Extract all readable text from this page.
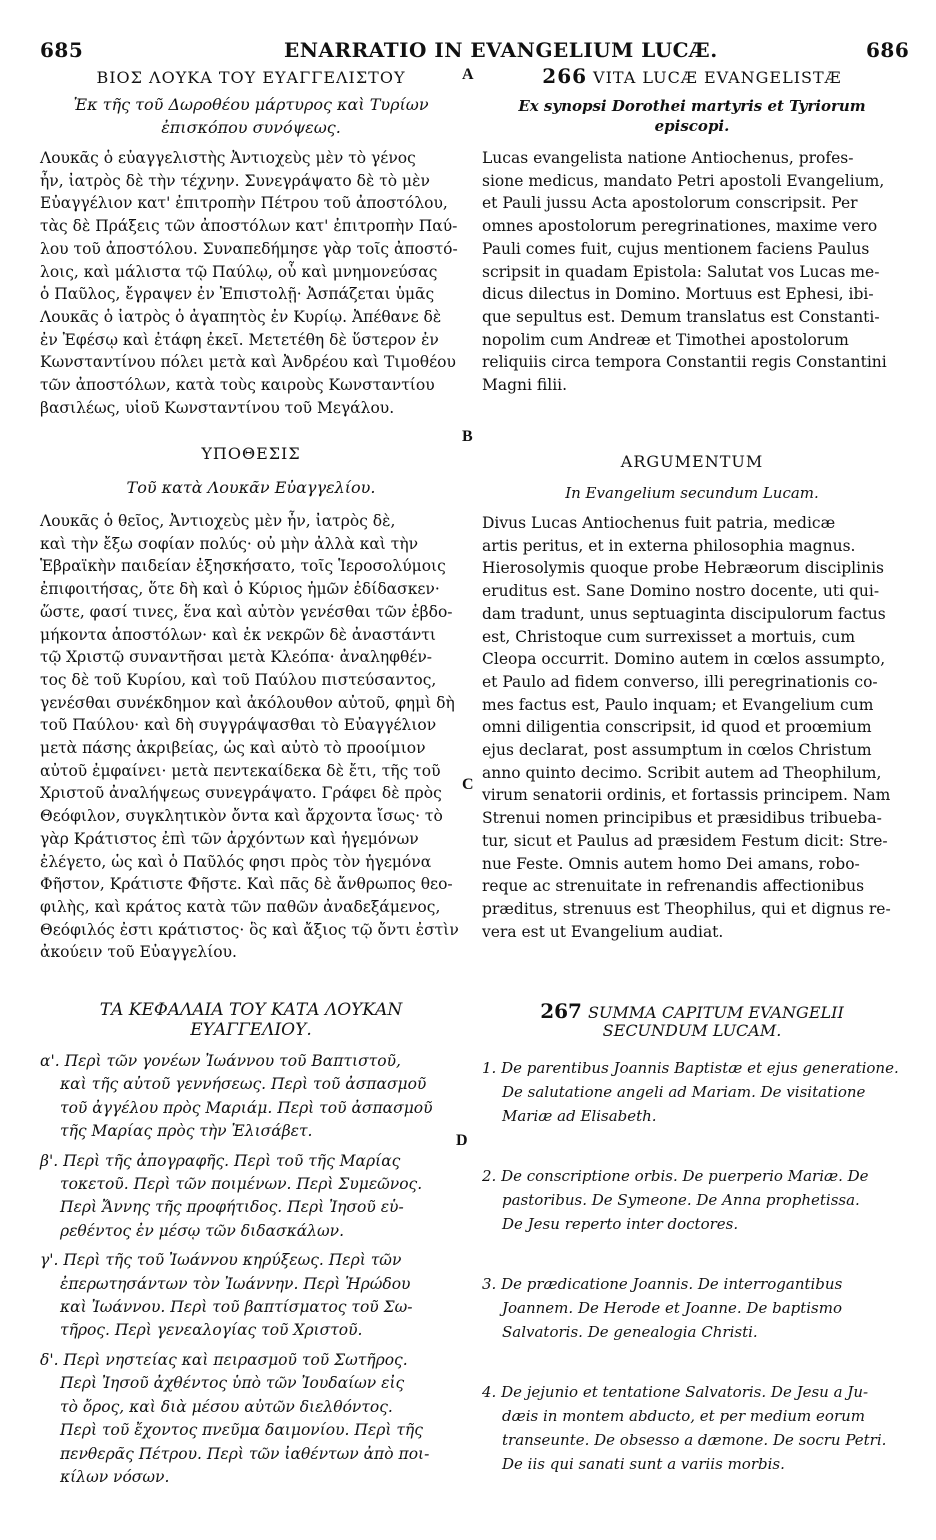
685	ENARRATIO IN EVANGELIUM LUCÆ.	686
A
B
C
D
ΒΙΟΣ ΛΟΥΚΑ ΤΟΥ ΕΥΑΓΓΕΛΙΣΤΟΥ
Ἐκ τῆς τοῦ Δωροθέου μάρτυρος καὶ Τυρίων
ἐπισκόπου συνόψεως.
Λουκᾶς ὁ εὐαγγελιστὴς Ἀντιοχεὺς μὲν τὸ γένος
ἦν, ἰατρὸς δὲ τὴν τέχνην. Συνεγράψατο δὲ τὸ μὲν
Εὐαγγέλιον κατ' ἐπιτροπὴν Πέτρου τοῦ ἀποστόλου,
τὰς δὲ Πράξεις τῶν ἀποστόλων κατ' ἐπιτροπὴν Παύ-
λου τοῦ ἀποστόλου. Συναπεδήμησε γὰρ τοῖς ἀποστό-
λοις, καὶ μάλιστα τῷ Παύλῳ, οὗ καὶ μνημονεύσας
ὁ Παῦλος, ἔγραψεν ἐν Ἐπιστολῇ· Ἀσπάζεται ὑμᾶς
Λουκᾶς ὁ ἰατρὸς ὁ ἀγαπητὸς ἐν Κυρίῳ. Ἀπέθανε δὲ
ἐν Ἐφέσῳ καὶ ἐτάφη ἐκεῖ. Μετετέθη δὲ ὕστερον ἐν
Κωνσταντίνου πόλει μετὰ καὶ Ἀνδρέου καὶ Τιμοθέου
τῶν ἀποστόλων, κατὰ τοὺς καιροὺς Κωνσταντίου
βασιλέως, υἱοῦ Κωνσταντίνου τοῦ Μεγάλου.
ΥΠΟΘΕΣΙΣ
Τοῦ κατὰ Λουκᾶν Εὐαγγελίου.
Λουκᾶς ὁ θεῖος, Ἀντιοχεὺς μὲν ἦν, ἰατρὸς δὲ,
καὶ τὴν ἔξω σοφίαν πολύς· οὐ μὴν ἀλλὰ καὶ τὴν
Ἑβραϊκὴν παιδείαν ἐξησκήσατο, τοῖς Ἱεροσολύμοις
ἐπιφοιτήσας, ὅτε δὴ καὶ ὁ Κύριος ἡμῶν ἐδίδασκεν·
ὥστε, φασί τινες, ἕνα καὶ αὐτὸν γενέσθαι τῶν ἑβδο-
μήκοντα ἀποστόλων· καὶ ἐκ νεκρῶν δὲ ἀναστάντι
τῷ Χριστῷ συναντῆσαι μετὰ Κλεόπα· ἀναληφθέν-
τος δὲ τοῦ Κυρίου, καὶ τοῦ Παύλου πιστεύσαντος,
γενέσθαι συνέκδημον καὶ ἀκόλουθον αὐτοῦ, φημὶ δὴ
τοῦ Παύλου· καὶ δὴ συγγράψασθαι τὸ Εὐαγγέλιον
μετὰ πάσης ἀκριβείας, ὡς καὶ αὐτὸ τὸ προοίμιον
αὐτοῦ ἐμφαίνει· μετὰ πεντεκαίδεκα δὲ ἔτι, τῆς τοῦ
Χριστοῦ ἀναλήψεως συνεγράψατο. Γράφει δὲ πρὸς
Θεόφιλον, συγκλητικὸν ὄντα καὶ ἄρχοντα ἴσως· τὸ
γὰρ Κράτιστος ἐπὶ τῶν ἀρχόντων καὶ ἡγεμόνων
ἐλέγετο, ὡς καὶ ὁ Παῦλός φησι πρὸς τὸν ἡγεμόνα
Φῆστον, Κράτιστε Φῆστε. Καὶ πᾶς δὲ ἄνθρωπος θεο-
φιλὴς, καὶ κράτος κατὰ τῶν παθῶν ἀναδεξάμενος,
Θεόφιλός ἐστι κράτιστος· ὃς καὶ ἄξιος τῷ ὄντι ἐστὶν
ἀκούειν τοῦ Εὐαγγελίου.
ΤΑ ΚΕΦΑΛΑΙΑ ΤΟΥ ΚΑΤΑ ΛΟΥΚΑΝ
ΕΥΑΓΓΕΛΙΟΥ.
α'. Περὶ τῶν γονέων Ἰωάννου τοῦ Βαπτιστοῦ,
καὶ τῆς αὐτοῦ γεννήσεως. Περὶ τοῦ ἀσπασμοῦ
τοῦ ἀγγέλου πρὸς Μαριάμ. Περὶ τοῦ ἀσπασμοῦ
τῆς Μαρίας πρὸς τὴν Ἐλισάβετ.
β'. Περὶ τῆς ἀπογραφῆς. Περὶ τοῦ τῆς Μαρίας
τοκετοῦ. Περὶ τῶν ποιμένων. Περὶ Συμεῶνος.
Περὶ Ἄννης τῆς προφήτιδος. Περὶ Ἰησοῦ εὑ-
ρεθέντος ἐν μέσῳ τῶν διδασκάλων.
γ'. Περὶ τῆς τοῦ Ἰωάννου κηρύξεως. Περὶ τῶν
ἐπερωτησάντων τὸν Ἰωάννην. Περὶ Ἡρώδου
καὶ Ἰωάννου. Περὶ τοῦ βαπτίσματος τοῦ Σω-
τῆρος. Περὶ γενεαλογίας τοῦ Χριστοῦ.
δ'. Περὶ νηστείας καὶ πειρασμοῦ τοῦ Σωτῆρος.
Περὶ Ἰησοῦ ἀχθέντος ὑπὸ τῶν Ἰουδαίων εἰς
τὸ ὄρος, καὶ διὰ μέσου αὐτῶν διελθόντος.
Περὶ τοῦ ἔχοντος πνεῦμα δαιμονίου. Περὶ τῆς
πενθερᾶς Πέτρου. Περὶ τῶν ἰαθέντων ἀπὸ ποι-
κίλων νόσων.
266 VITA LUCÆ EVANGELISTÆ
Ex synopsi Dorothei martyris et Tyriorum
episcopi.
Lucas evangelista natione Antiochenus, profes-
sione medicus, mandato Petri apostoli Evangelium,
et Pauli jussu Acta apostolorum conscripsit. Per
omnes apostolorum peregrinationes, maxime vero
Pauli comes fuit, cujus mentionem faciens Paulus
scripsit in quadam Epistola: Salutat vos Lucas me-
dicus dilectus in Domino. Mortuus est Ephesi, ibi-
que sepultus est. Demum translatus est Constanti-
nopolim cum Andreæ et Timothei apostolorum
reliquiis circa tempora Constantii regis Constantini
Magni filii.
ARGUMENTUM
In Evangelium secundum Lucam.
Divus Lucas Antiochenus fuit patria, medicæ
artis peritus, et in externa philosophia magnus.
Hierosolymis quoque probe Hebræorum disciplinis
eruditus est. Sane Domino nostro docente, uti qui-
dam tradunt, unus septuaginta discipulorum factus
est, Christoque cum surrexisset a mortuis, cum
Cleopa occurrit. Domino autem in cœlos assumpto,
et Paulo ad fidem converso, illi peregrinationis co-
mes factus est, Paulo inquam; et Evangelium cum
omni diligentia conscripsit, id quod et proœmium
ejus declarat, post assumptum in cœlos Christum
anno quinto decimo. Scribit autem ad Theophilum,
virum senatorii ordinis, et fortassis principem. Nam
Strenui nomen principibus et præsidibus tribueba-
tur, sicut et Paulus ad præsidem Festum dicit: Stre-
nue Feste. Omnis autem homo Dei amans, robo-
reque ac strenuitate in refrenandis affectionibus
præditus, strenuus est Theophilus, qui et dignus re-
vera est ut Evangelium audiat.
267 SUMMA CAPITUM EVANGELII
SECUNDUM LUCAM.
1. De parentibus Joannis Baptistæ et ejus generatione.
De salutatione angeli ad Mariam. De visitatione
Mariæ ad Elisabeth.
2. De conscriptione orbis. De puerperio Mariæ. De
pastoribus. De Symeone. De Anna prophetissa.
De Jesu reperto inter doctores.
3. De prædicatione Joannis. De interrogantibus
Joannem. De Herode et Joanne. De baptismo
Salvatoris. De genealogia Christi.
4. De jejunio et tentatione Salvatoris. De Jesu a Ju-
dæis in montem abducto, et per medium eorum
transeunte. De obsesso a dæmone. De socru Petri.
De iis qui sanati sunt a variis morbis.
